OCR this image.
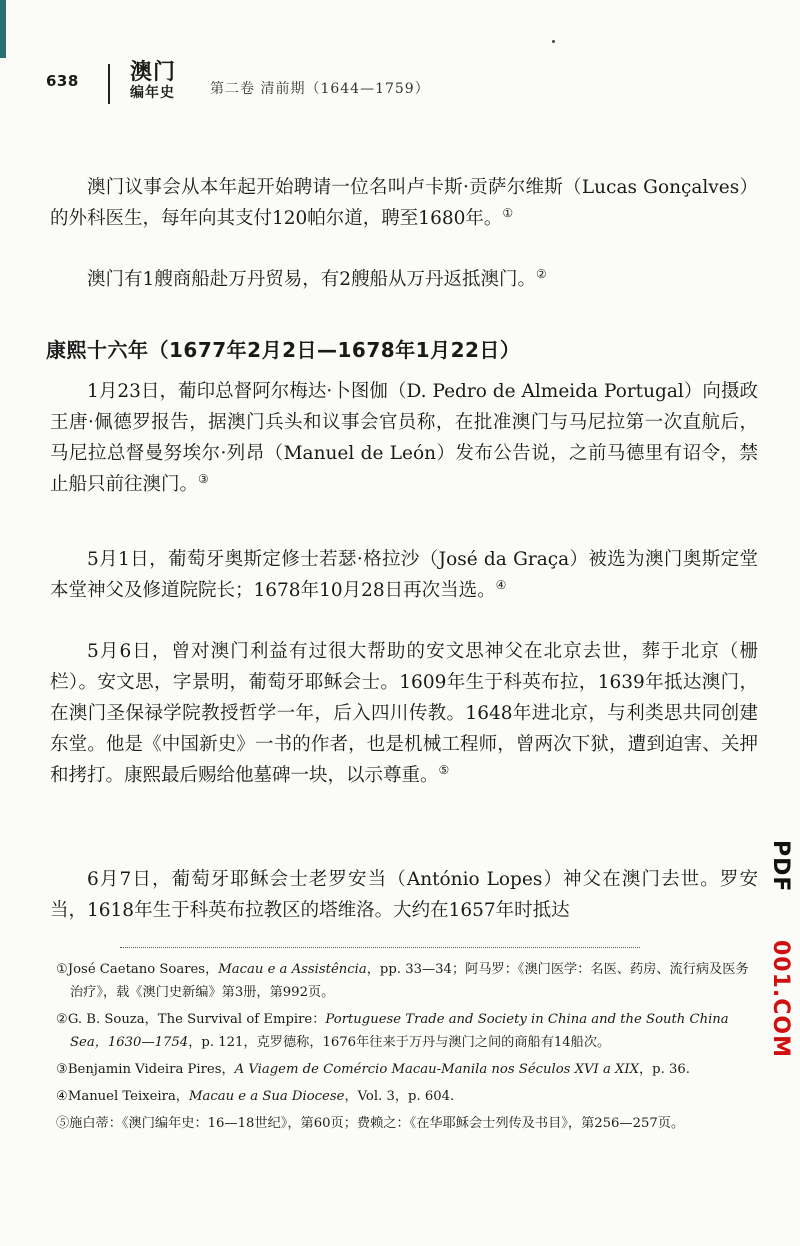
638 澳门
编年史	第二卷 清前期（1644—1759）

澳门议事会从本年起开始聘请一位名叫卢卡斯·贡萨尔维斯（Lucas Gonçalves）的外科医生，每年向其支付120帕尔道，聘至1680年。①

澳门有1艘商船赴万丹贸易，有2艘船从万丹返抵澳门。②

康熙十六年（1677年2月2日—1678年1月22日）

1月23日，葡印总督阿尔梅达·卜图伽（D. Pedro de Almeida Portugal）向摄政王唐·佩德罗报告，据澳门兵头和议事会官员称，在批准澳门与马尼拉第一次直航后，马尼拉总督曼努埃尔·列昂（Manuel de León）发布公告说，之前马德里有诏令，禁止船只前往澳门。③

5月1日，葡萄牙奥斯定修士若瑟·格拉沙（José da Graça）被选为澳门奥斯定堂本堂神父及修道院院长；1678年10月28日再次当选。④

5月6日，曾对澳门利益有过很大帮助的安文思神父在北京去世，葬于北京（栅栏）。安文思，字景明，葡萄牙耶稣会士。1609年生于科英布拉，1639年抵达澳门，在澳门圣保禄学院教授哲学一年，后入四川传教。1648年进北京，与利类思共同创建东堂。他是《中国新史》一书的作者，也是机械工程师，曾两次下狱，遭到迫害、关押和拷打。康熙最后赐给他墓碑一块，以示尊重。⑤

6月7日，葡萄牙耶稣会士老罗安当（António Lopes）神父在澳门去世。罗安当，1618年生于科英布拉教区的塔维洛。大约在1657年时抵达

①José Caetano Soares，Macau e a Assistência，pp. 33—34；阿马罗：《澳门医学：名医、药房、流行病及医务治疗》，载《澳门史新编》第3册，第992页。

②G. B. Souza，The Survival of Empire：Portuguese Trade and Society in China and the South China Sea，1630—1754，p. 121，克罗德称，1676年往来于万丹与澳门之间的商船有14船次。

③Benjamin Videira Pires，A Viagem de Comércio Macau-Manila nos Séculos XVI a XIX，p. 36.

④Manuel Teixeira，Macau e a Sua Diocese，Vol. 3，p. 604.

⑤施白蒂：《澳门编年史：16—18世纪》，第60页；费赖之：《在华耶稣会士列传及书目》，第256—257页。

PDF
001.COM
